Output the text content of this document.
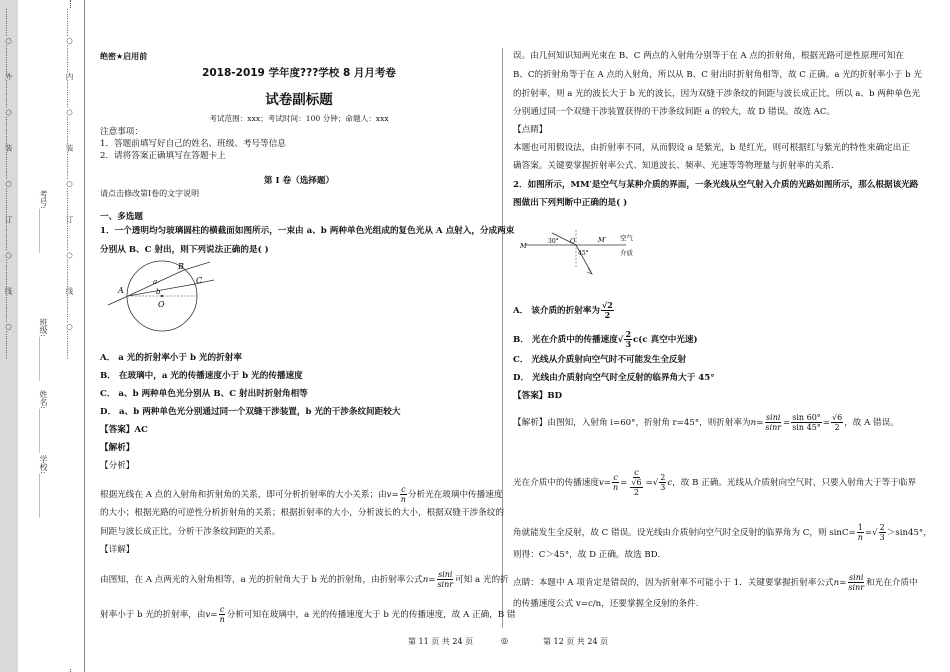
…………○…………外…………○…………装…………○…………订…………○…………线…………○…………	…………○…………内…………○…………装…………○…………订…………○…………线…………○…………
考号:___________
班级:___________
姓名:___________
学校:___________
绝密★启用前
2018-2019 学年度???学校 8 月月考卷
试卷副标题
考试范围：xxx；考试时间：100 分钟；命题人：xxx
注意事项：
1．答题前填写好自己的姓名、班级、考号等信息
2．请将答案正确填写在答题卡上
第 I 卷（选择题）
请点击修改第I卷的文字说明
一、多选题
1．一个透明均匀玻璃圆柱的横截面如图所示，一束由 a、b 两种单色光组成的复色光从 A 点射入，分成两束
分别从 B、C 射出，则下列说法正确的是( )
A
B
C
O
a
b
A． a 光的折射率小于 b 光的折射率
B． 在玻璃中，a 光的传播速度小于 b 光的传播速度
C． a、b 两种单色光分别从 B、C 射出时折射角相等
D． a、b 两种单色光分别通过同一个双缝干涉装置，b 光的干涉条纹间距较大
【答案】AC
【解析】
【分析】
根据光线在 A 点的入射角和折射角的关系，即可分析折射率的大小关系；由$v= \frac{c}{n}$ 分析光在玻璃中传播速度
的大小；根据光路的可逆性分析折射角的关系；根据折射率的大小，分析波长的大小，根据双缝干涉条纹的
间距与波长成正比，分析干涉条纹间距的关系。
【详解】
由图知，在 A 点两光的入射角相等，a 光的折射角大于 b 光的折射角，由折射率公式$n= \frac{\sin i}{\sin r}$ 可知 a 光的折
射率小于 b 光的折射率，由$v= \frac{c}{n}$ 分析可知在玻璃中，a 光的传播速度大于 b 光的传播速度，故 A 正确，B 错
误。由几何知识知两光束在 B、C 两点的入射角分别等于在 A 点的折射角，根据光路可逆性原理可知在
B、C的折射角等于在 A 点的入射角，所以从 B、C 射出时折射角相等，故 C 正确。a 光的折射率小于 b 光
的折射率，则 a 光的波长大于 b 光的波长，因为双缝干涉条纹的间距与波长成正比，所以 a、b 两种单色光
分别通过同一个双缝干涉装置获得的干涉条纹间距 a 的较大，故 D 错误。故选 AC。
【点睛】
本题也可用假设法，由折射率不同，从而假设 a 是紫光，b 是红光，则可根据红与紫光的特性来确定出正
确答案。关键要掌握折射率公式、知道波长、频率、光速等等物理量与折射率的关系.
2．如图所示，MM′是空气与某种介质的界面，一条光线从空气射入介质的光路如图所示，那么根据该光路
图做出下列判断中正确的是( )
M
M′
30°
45°
O	空气
介质
A． 该介质的折射率为 $\frac{√2}{2}$
B． 光在介质中的传播速度√ $\frac{2}{3} c(c$ 真空中光速)
C． 光线从介质射向空气时不可能发生全反射
D． 光线由介质射向空气时全反射的临界角大于 45°
【答案】BD
【解析】由图知，入射角 i=60°，折射角 r=45°，则折射率为$n= \frac{\sin i}{\sin r} = \frac{\sin 60^\circ}{\sin 45^\circ} = \frac{√6}{2}$ ，故 A 错误。
光在介质中的传播速度$v= \frac{c}{n} = \frac{c}{\frac{√6}{2}}$ =√ $\frac{2}{3}$ c，故 B 正确。光线从介质射向空气时，只要入射角大于等于临界
角就能发生全反射，故 C 错误。设光线由介质射向空气时全反射的临界角为 C，则 $\sin C= \frac{1}{n}$ =√ $\frac{2}{3} >\sin 45^\circ$，
则得：C＞45°，故 D 正确。故选 BD.
点睛：本题中 A 项肯定是错误的，因为折射率不可能小于 1．关键要掌握折射率公式$n= \frac{\sin i}{\sin r}$ 和光在介质中
的传播速度公式 v=c/n，还要掌握全反射的条件.
第 11 页 共 24 页	◎	第 12 页 共 24 页
